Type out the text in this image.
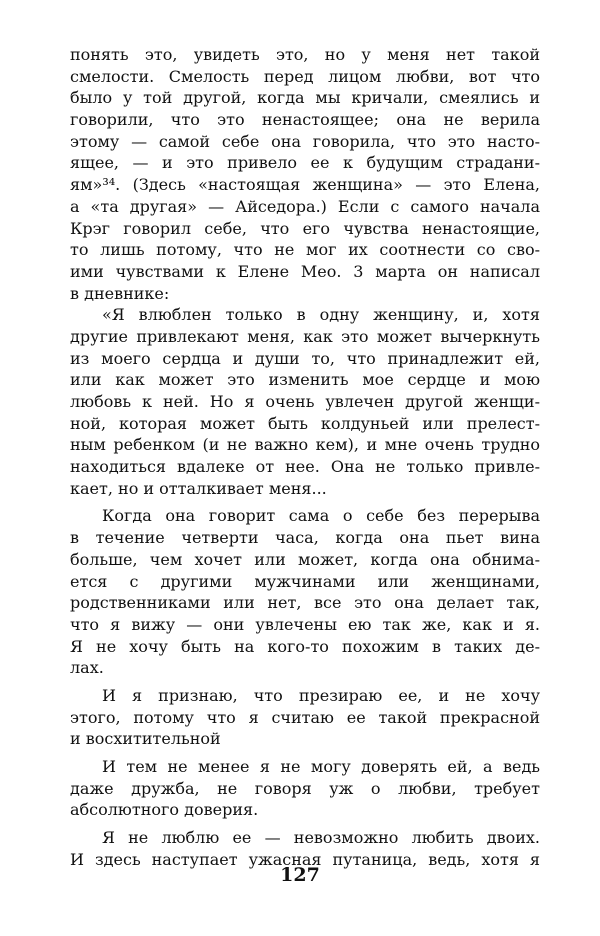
понять это, увидеть это, но у меня нет такой
смелости. Смелость перед лицом любви, вот что
было у той другой, когда мы кричали, смеялись и
говорили, что это ненастоящее; она не верила
этому — самой себе она говорила, что это насто-
ящее, — и это привело ее к будущим страдани-
ям»³⁴. (Здесь «настоящая женщина» — это Елена,
а «та другая» — Айседора.) Если с самого начала
Крэг говорил себе, что его чувства ненастоящие,
то лишь потому, что не мог их соотнести со сво-
ими чувствами к Елене Мео. 3 марта он написал
в дневнике:
«Я влюблен только в одну женщину, и, хотя
другие привлекают меня, как это может вычеркнуть
из моего сердца и души то, что принадлежит ей,
или как может это изменить мое сердце и мою
любовь к ней. Но я очень увлечен другой женщи-
ной, которая может быть колдуньей или прелест-
ным ребенком (и не важно кем), и мне очень трудно
находиться вдалеке от нее. Она не только привле-
кает, но и отталкивает меня...
Когда она говорит сама о себе без перерыва
в течение четверти часа, когда она пьет вина
больше, чем хочет или может, когда она обнима-
ется с другими мужчинами или женщинами,
родственниками или нет, все это она делает так,
что я вижу — они увлечены ею так же, как и я.
Я не хочу быть на кого-то похожим в таких де-
лах.
И я признаю, что презираю ее, и не хочу
этого, потому что я считаю ее такой прекрасной
и восхитительной
И тем не менее я не могу доверять ей, а ведь
даже дружба, не говоря уж о любви, требует
абсолютного доверия.
Я не люблю ее — невозможно любить двоих.
И здесь наступает ужасная путаница, ведь, хотя я
127
